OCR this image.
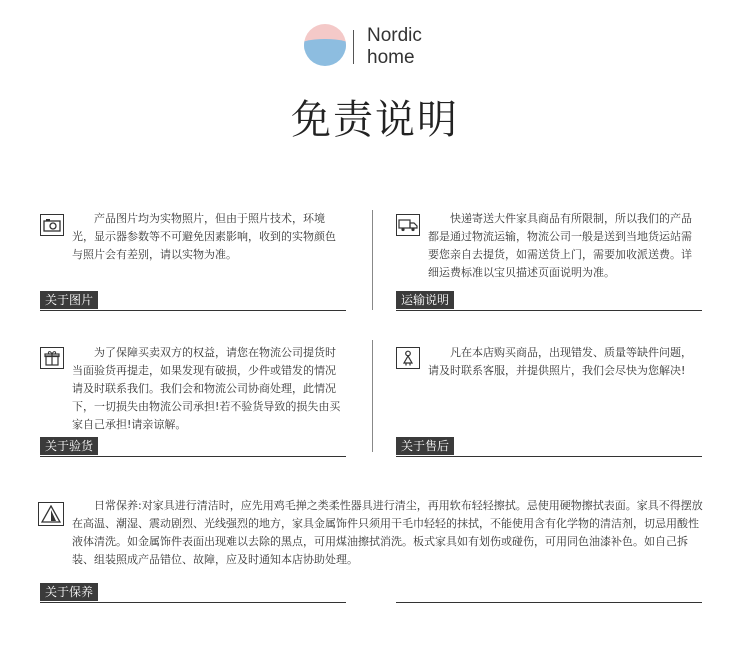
Nordic
home
免责说明
产品图片均为实物照片，但由于照片技术，环境光，显示器参数等不可避免因素影响，收到的实物颜色与照片会有差别，请以实物为准。
关于图片
快递寄送大件家具商品有所限制，所以我们的产品都是通过物流运输，物流公司一般是送到当地货运站需要您亲自去提货，如需送货上门，需要加收派送费。详细运费标准以宝贝描述页面说明为准。
运输说明
为了保障买卖双方的权益，请您在物流公司提货时当面验货再提走，如果发现有破损，少件或错发的情况请及时联系我们。我们会和物流公司协商处理，此情况下，一切损失由物流公司承担!若不验货导致的损失由买家自己承担!请亲谅解。
关于验货
凡在本店购买商品，出现错发、质量等缺件问题，请及时联系客服，并提供照片，我们会尽快为您解决!
关于售后
日常保养:对家具进行清洁时，应先用鸡毛掸之类柔性器具进行清尘，再用软布轻轻擦拭。忌使用硬物擦拭表面。家具不得摆放在高温、潮湿、震动剧烈、光线强烈的地方，家具金属饰件只须用干毛巾轻轻的抹拭，不能使用含有化学物的清洁剂，切忌用酸性液体清洗。如金属饰件表面出现难以去除的黑点，可用煤油擦拭消洗。板式家具如有划伤或碰伤，可用同色油漆补色。如自己拆装、组装照成产品错位、故障，应及时通知本店协助处理。
关于保养
